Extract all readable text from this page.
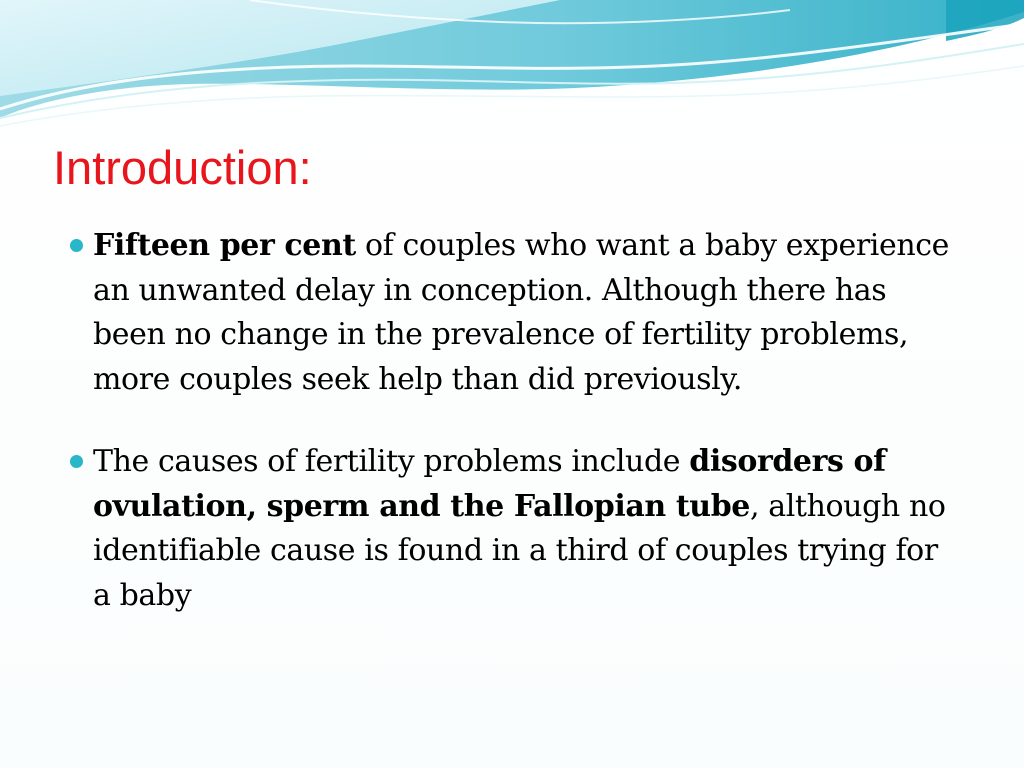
Introduction:
Fifteen per cent of couples who want a baby experience an unwanted delay in conception. Although there has been no change in the prevalence of fertility problems, more couples seek help than did previously.
The causes of fertility problems include disorders of ovulation, sperm and the Fallopian tube, although no identifiable cause is found in a third of couples trying for a baby
